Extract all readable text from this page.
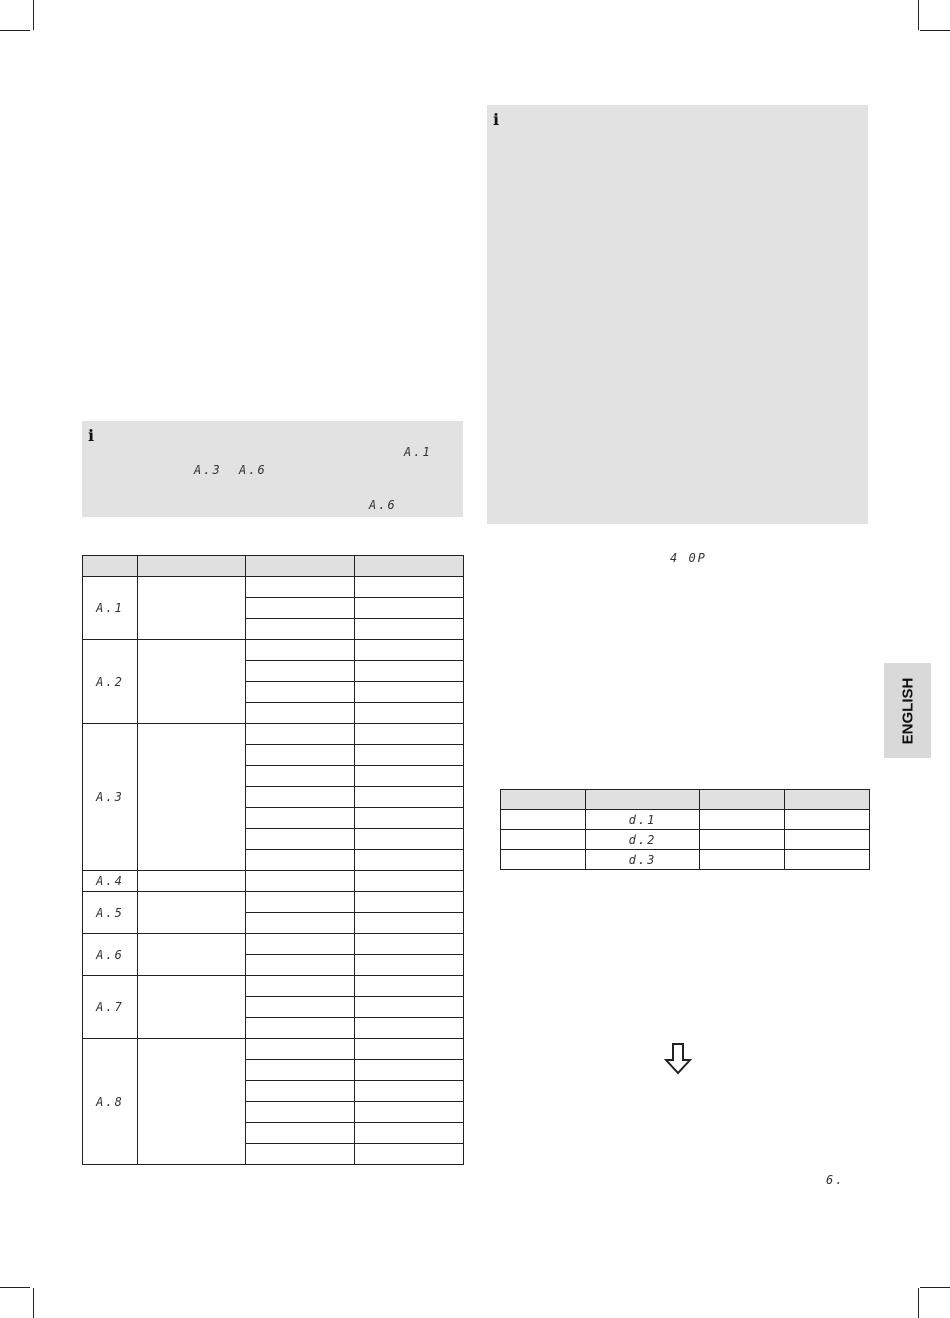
i
A.1
A.3 A.6
A.6
i

A.1			

A.2			

A.3			

A.4			
A.5			

A.6			

A.7			

A.8			

4 0P

	d.1		
	d.2		
	d.3		
ENGLISH
6.
